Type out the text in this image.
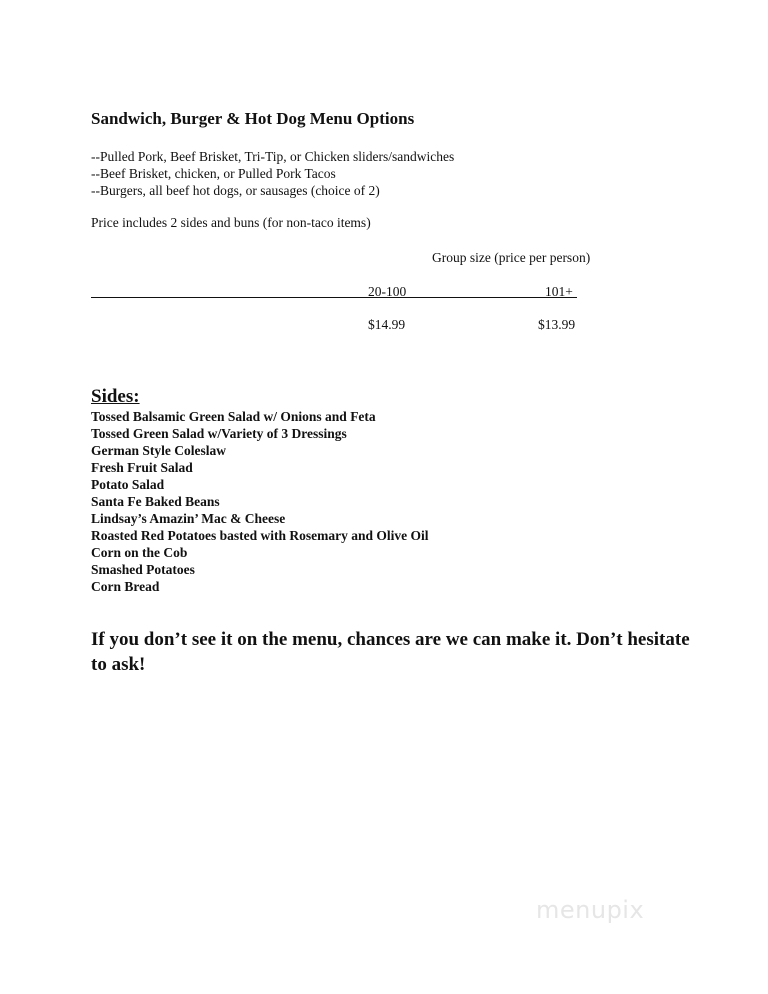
Sandwich, Burger & Hot Dog Menu Options
--Pulled Pork, Beef Brisket, Tri-Tip, or Chicken sliders/sandwiches
--Beef Brisket, chicken, or Pulled Pork Tacos
--Burgers, all beef hot dogs, or sausages (choice of 2)
Price includes 2 sides and buns (for non-taco items)
Group size (price per person)
20-100	101+
$14.99	$13.99
Sides:
Tossed Balsamic Green Salad w/ Onions and Feta
Tossed Green Salad w/Variety of 3 Dressings
German Style Coleslaw
Fresh Fruit Salad
Potato Salad
Santa Fe Baked Beans
Lindsay’s Amazin’ Mac & Cheese
Roasted Red Potatoes basted with Rosemary and Olive Oil
Corn on the Cob
Smashed Potatoes
Corn Bread

If you don’t see it on the menu, chances are we can make it. Don’t hesitate to ask!

menupix
